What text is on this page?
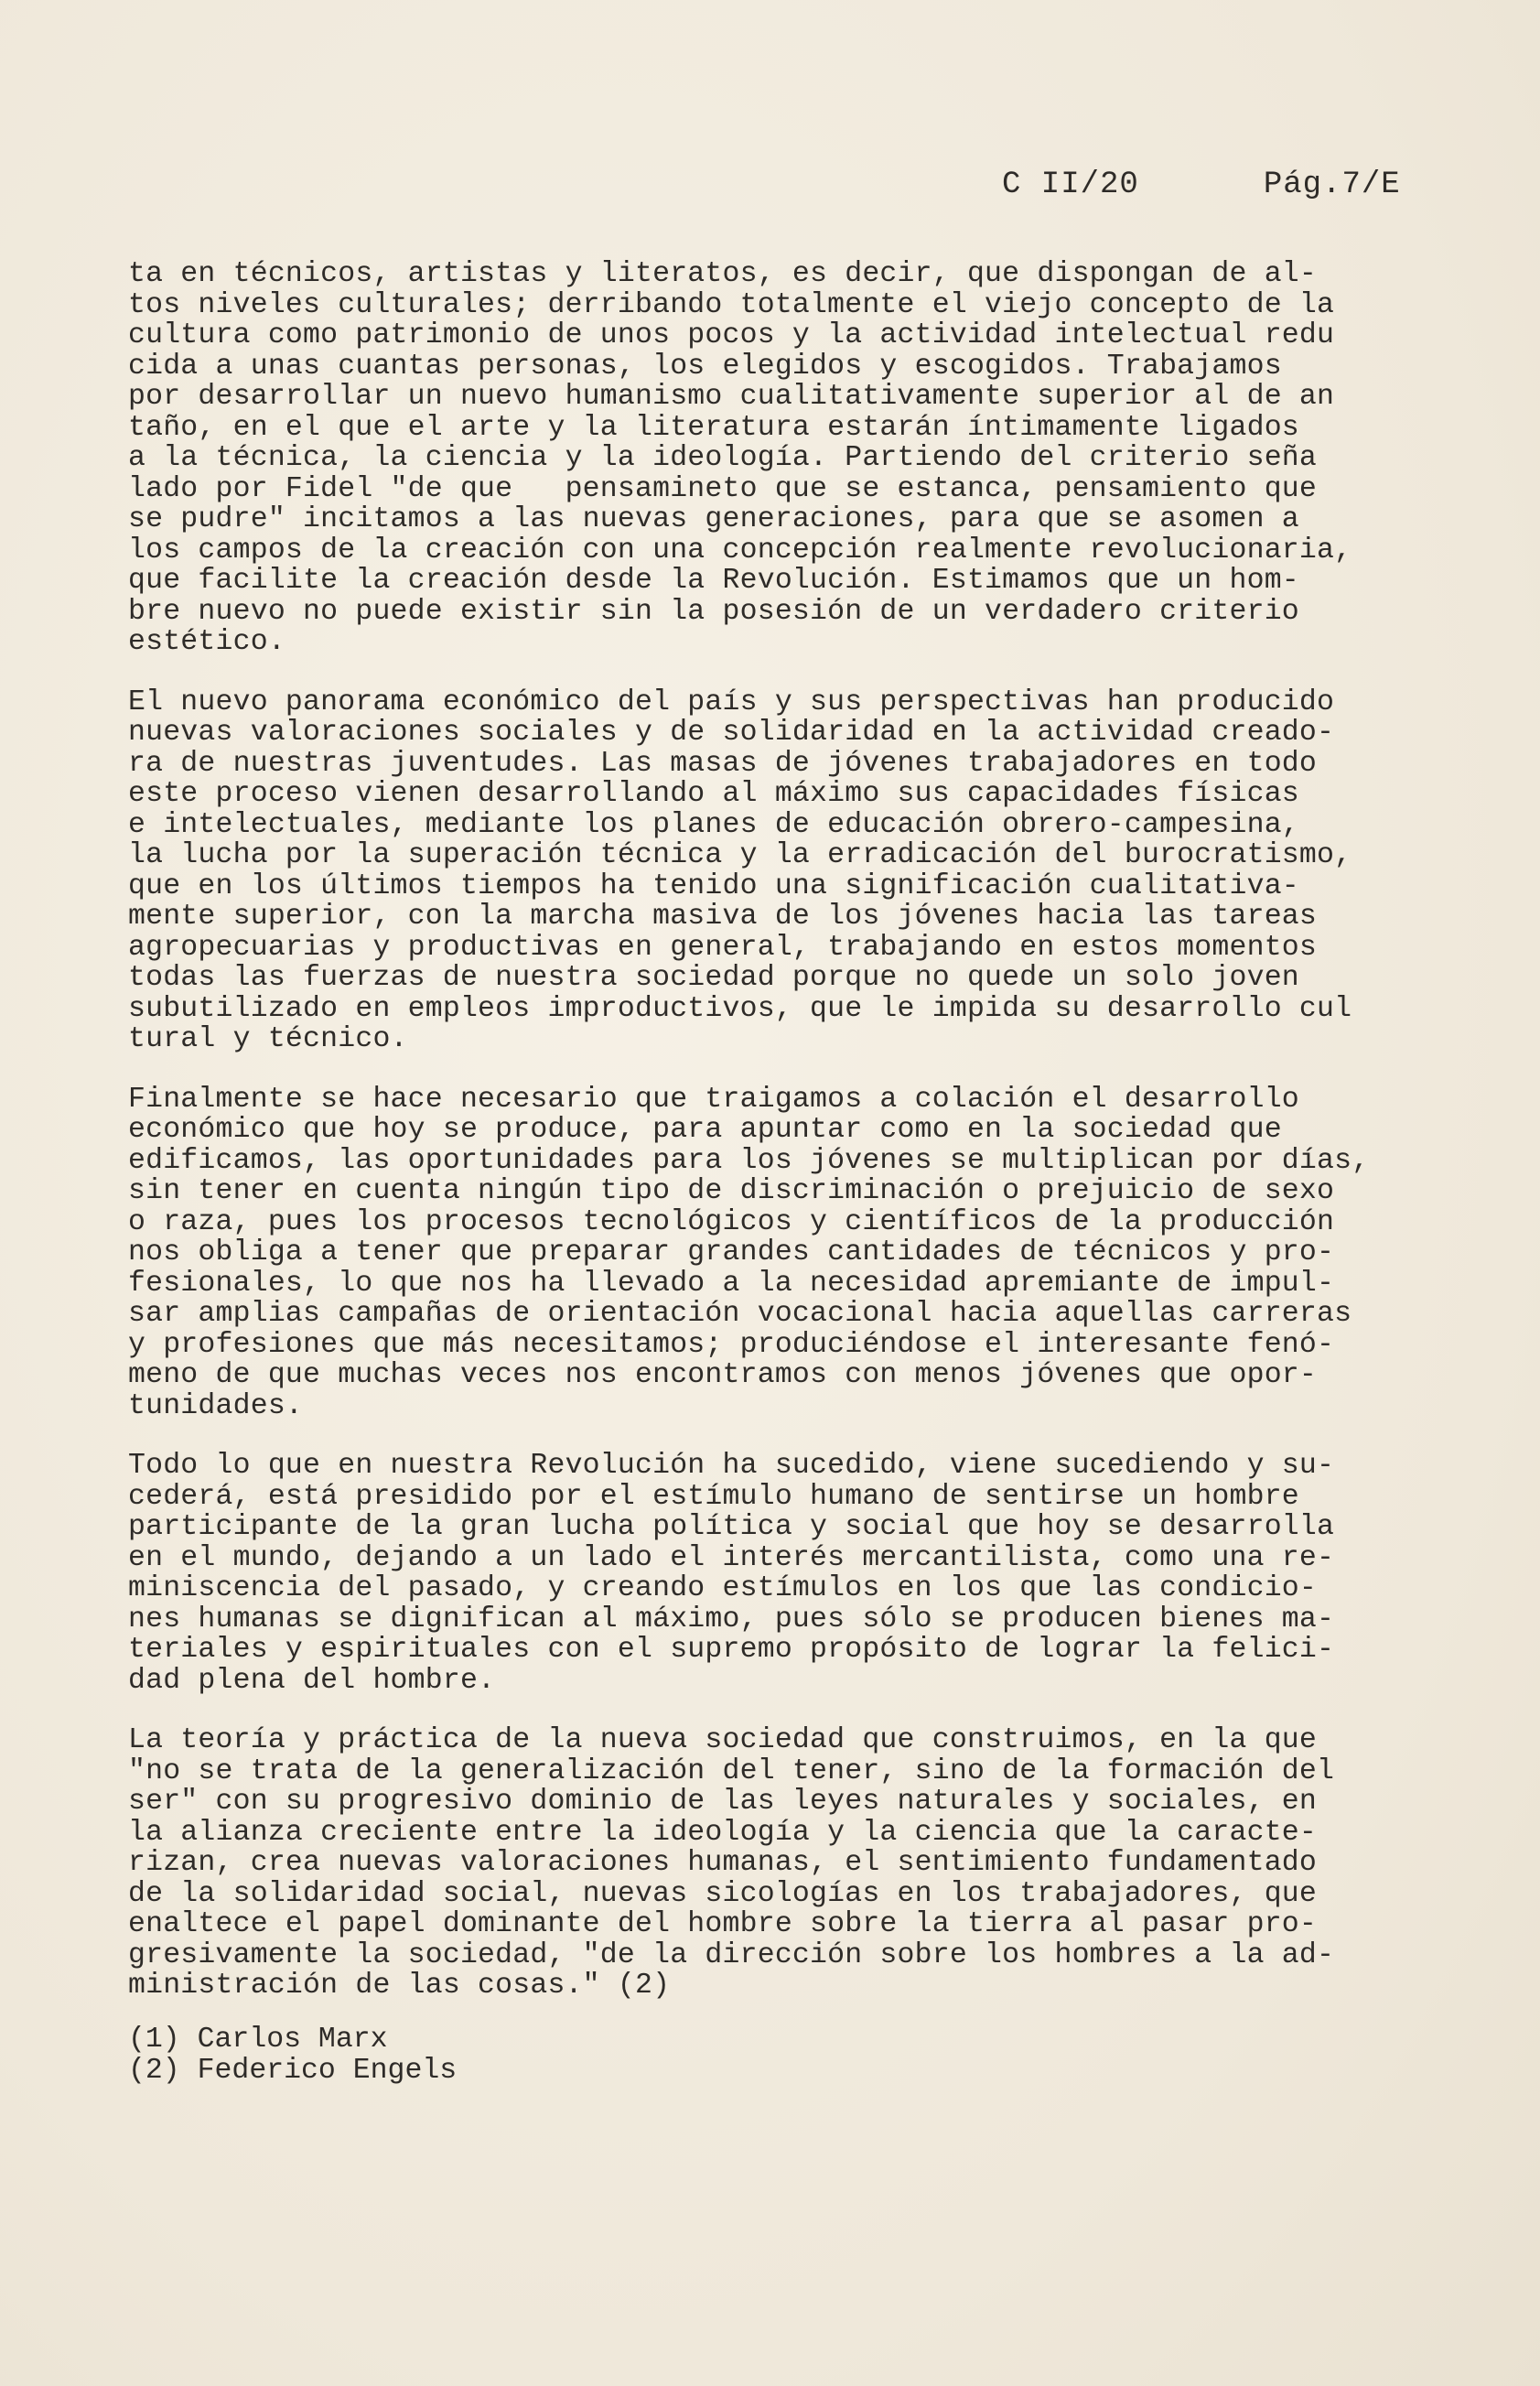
C II/20	Pág.7/E
ta en técnicos, artistas y literatos, es decir, que dispongan de al-
tos niveles culturales; derribando totalmente el viejo concepto de la
cultura como patrimonio de unos pocos y la actividad intelectual redu
cida a unas cuantas personas, los elegidos y escogidos. Trabajamos
por desarrollar un nuevo humanismo cualitativamente superior al de an
taño, en el que el arte y la literatura estarán íntimamente ligados
a la técnica, la ciencia y la ideología. Partiendo del criterio seña
lado por Fidel "de que   pensamineto que se estanca, pensamiento que
se pudre" incitamos a las nuevas generaciones, para que se asomen a
los campos de la creación con una concepción realmente revolucionaria,
que facilite la creación desde la Revolución. Estimamos que un hom-
bre nuevo no puede existir sin la posesión de un verdadero criterio
estético.
El nuevo panorama económico del país y sus perspectivas han producido
nuevas valoraciones sociales y de solidaridad en la actividad creado-
ra de nuestras juventudes. Las masas de jóvenes trabajadores en todo
este proceso vienen desarrollando al máximo sus capacidades físicas
e intelectuales, mediante los planes de educación obrero-campesina,
la lucha por la superación técnica y la erradicación del burocratismo,
que en los últimos tiempos ha tenido una significación cualitativa-
mente superior, con la marcha masiva de los jóvenes hacia las tareas
agropecuarias y productivas en general, trabajando en estos momentos
todas las fuerzas de nuestra sociedad porque no quede un solo joven
subutilizado en empleos improductivos, que le impida su desarrollo cul
tural y técnico.
Finalmente se hace necesario que traigamos a colación el desarrollo
económico que hoy se produce, para apuntar como en la sociedad que
edificamos, las oportunidades para los jóvenes se multiplican por días,
sin tener en cuenta ningún tipo de discriminación o prejuicio de sexo
o raza, pues los procesos tecnológicos y científicos de la producción
nos obliga a tener que preparar grandes cantidades de técnicos y pro-
fesionales, lo que nos ha llevado a la necesidad apremiante de impul-
sar amplias campañas de orientación vocacional hacia aquellas carreras
y profesiones que más necesitamos; produciéndose el interesante fenó-
meno de que muchas veces nos encontramos con menos jóvenes que opor-
tunidades.
Todo lo que en nuestra Revolución ha sucedido, viene sucediendo y su-
cederá, está presidido por el estímulo humano de sentirse un hombre
participante de la gran lucha política y social que hoy se desarrolla
en el mundo, dejando a un lado el interés mercantilista, como una re-
miniscencia del pasado, y creando estímulos en los que las condicio-
nes humanas se dignifican al máximo, pues sólo se producen bienes ma-
teriales y espirituales con el supremo propósito de lograr la felici-
dad plena del hombre.
La teoría y práctica de la nueva sociedad que construimos, en la que
"no se trata de la generalización del tener, sino de la formación del
ser" con su progresivo dominio de las leyes naturales y sociales, en
la alianza creciente entre la ideología y la ciencia que la caracte-
rizan, crea nuevas valoraciones humanas, el sentimiento fundamentado
de la solidaridad social, nuevas sicologías en los trabajadores, que
enaltece el papel dominante del hombre sobre la tierra al pasar pro-
gresivamente la sociedad, "de la dirección sobre los hombres a la ad-
ministración de las cosas." (2)
(1) Carlos Marx
(2) Federico Engels
